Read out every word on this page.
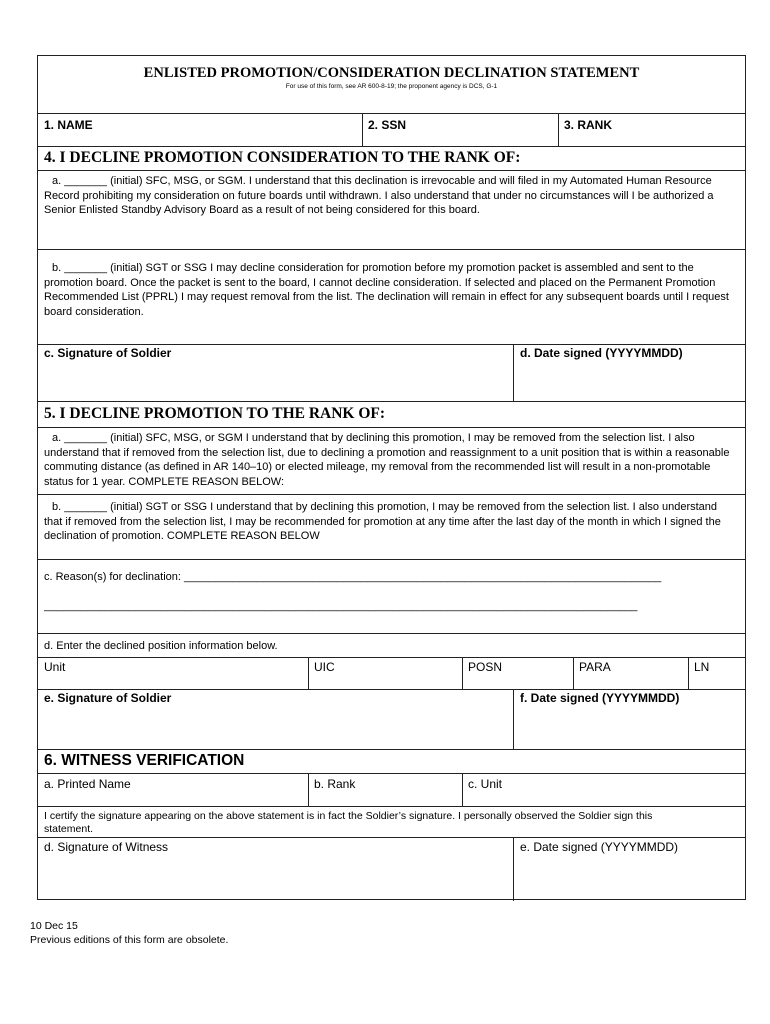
ENLISTED PROMOTION/CONSIDERATION DECLINATION STATEMENT
For use of this form, see AR 600-8-19; the proponent agency is DCS, G-1
1. NAME	2. SSN	3. RANK
4. I DECLINE PROMOTION CONSIDERATION TO THE RANK OF:
a. _______ (initial) SFC, MSG, or SGM. I understand that this declination is irrevocable and will filed in my Automated Human Resource Record prohibiting my consideration on future boards until withdrawn. I also understand that under no circumstances will I be authorized a Senior Enlisted Standby Advisory Board as a result of not being considered for this board.
b. _______ (initial) SGT or SSG I may decline consideration for promotion before my promotion packet is assembled and sent to the promotion board. Once the packet is sent to the board, I cannot decline consideration. If selected and placed on the Permanent Promotion Recommended List (PPRL) I may request removal from the list. The declination will remain in effect for any subsequent boards until I request board consideration.
c. Signature of Soldier	d. Date signed (YYYYMMDD)
5. I DECLINE PROMOTION TO THE RANK OF:
a. _______ (initial) SFC, MSG, or SGM I understand that by declining this promotion, I may be removed from the selection list. I also understand that if removed from the selection list, due to declining a promotion and reassignment to a unit position that is within a reasonable commuting distance (as defined in AR 140–10) or elected mileage, my removal from the recommended list will result in a non-promotable status for 1 year. COMPLETE REASON BELOW:
b. _______ (initial) SGT or SSG I understand that by declining this promotion, I may be removed from the selection list. I also understand that if removed from the selection list, I may be recommended for promotion at any time after the last day of the month in which I signed the declination of promotion. COMPLETE REASON BELOW
c. Reason(s) for declination: ______________________________________________________________________________
_________________________________________________________________________________________________
d. Enter the declined position information below.
Unit	UIC	POSN	PARA	LN
e. Signature of Soldier	f. Date signed (YYYYMMDD)
6. WITNESS VERIFICATION
a. Printed Name	b. Rank	c. Unit
I certify the signature appearing on the above statement is in fact the Soldier’s signature. I personally observed the Soldier sign this statement.
d. Signature of Witness	e. Date signed (YYYYMMDD)
10 Dec 15
Previous editions of this form are obsolete.
